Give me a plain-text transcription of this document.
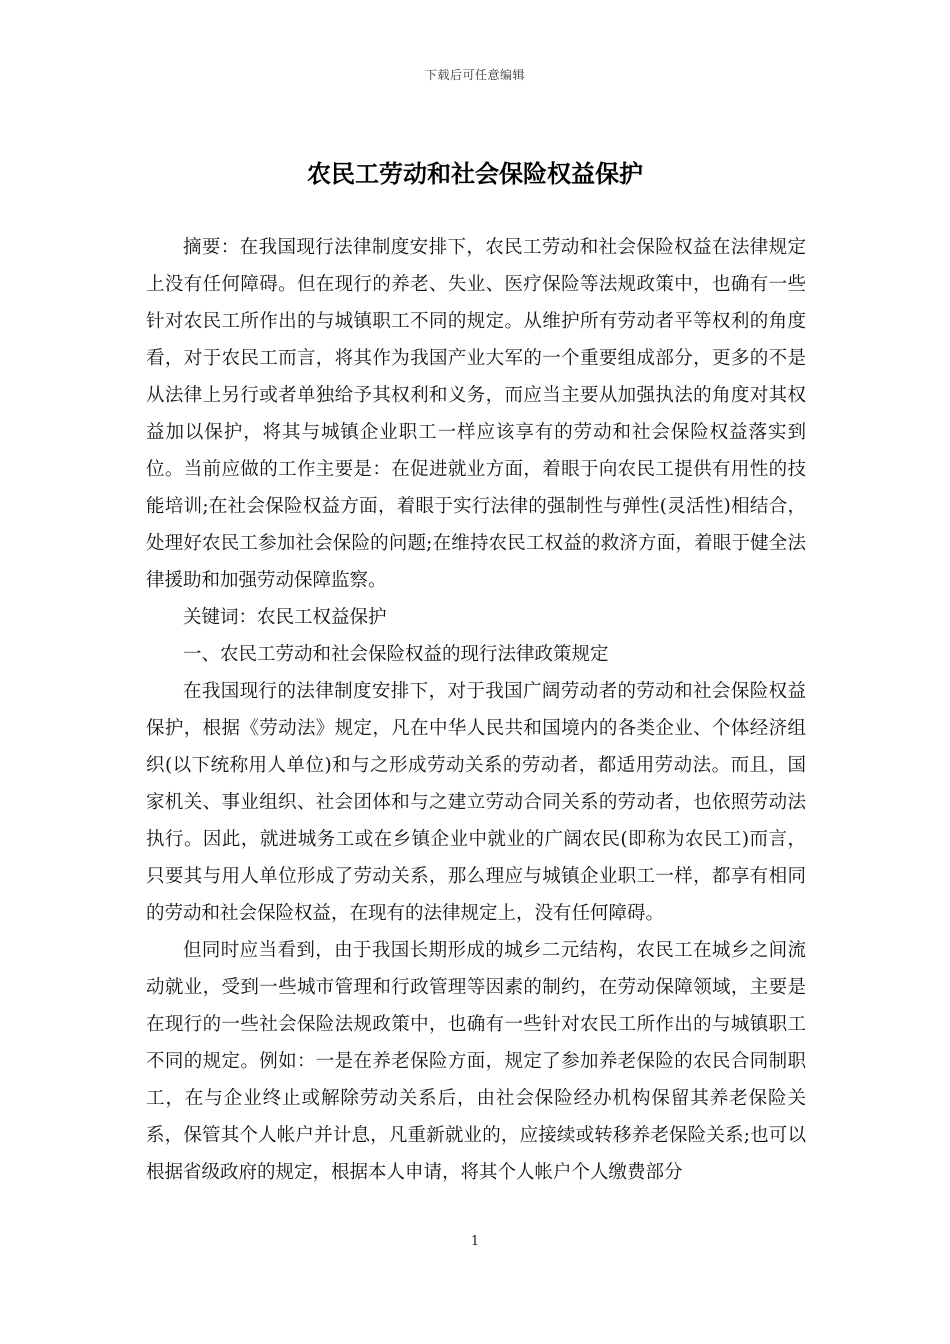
下载后可任意编辑
农民工劳动和社会保险权益保护

摘要：在我国现行法律制度安排下，农民工劳动和社会保险权益在法律规定上没有任何障碍。但在现行的养老、失业、医疗保险等法规政策中，也确有一些针对农民工所作出的与城镇职工不同的规定。从维护所有劳动者平等权利的角度看，对于农民工而言，将其作为我国产业大军的一个重要组成部分，更多的不是从法律上另行或者单独给予其权利和义务，而应当主要从加强执法的角度对其权益加以保护，将其与城镇企业职工一样应该享有的劳动和社会保险权益落实到位。当前应做的工作主要是：在促进就业方面，着眼于向农民工提供有用性的技能培训;在社会保险权益方面，着眼于实行法律的强制性与弹性(灵活性)相结合，处理好农民工参加社会保险的问题;在维持农民工权益的救济方面，着眼于健全法律援助和加强劳动保障监察。

关键词：农民工权益保护

一、农民工劳动和社会保险权益的现行法律政策规定

在我国现行的法律制度安排下，对于我国广阔劳动者的劳动和社会保险权益保护，根据《劳动法》规定，凡在中华人民共和国境内的各类企业、个体经济组织(以下统称用人单位)和与之形成劳动关系的劳动者，都适用劳动法。而且，国家机关、事业组织、社会团体和与之建立劳动合同关系的劳动者，也依照劳动法执行。因此，就进城务工或在乡镇企业中就业的广阔农民(即称为农民工)而言，只要其与用人单位形成了劳动关系，那么理应与城镇企业职工一样，都享有相同的劳动和社会保险权益，在现有的法律规定上，没有任何障碍。

但同时应当看到，由于我国长期形成的城乡二元结构，农民工在城乡之间流动就业，受到一些城市管理和行政管理等因素的制约，在劳动保障领域，主要是在现行的一些社会保险法规政策中，也确有一些针对农民工所作出的与城镇职工不同的规定。例如：一是在养老保险方面，规定了参加养老保险的农民合同制职工，在与企业终止或解除劳动关系后，由社会保险经办机构保留其养老保险关系，保管其个人帐户并计息，凡重新就业的，应接续或转移养老保险关系;也可以根据省级政府的规定，根据本人申请，将其个人帐户个人缴费部分

1
